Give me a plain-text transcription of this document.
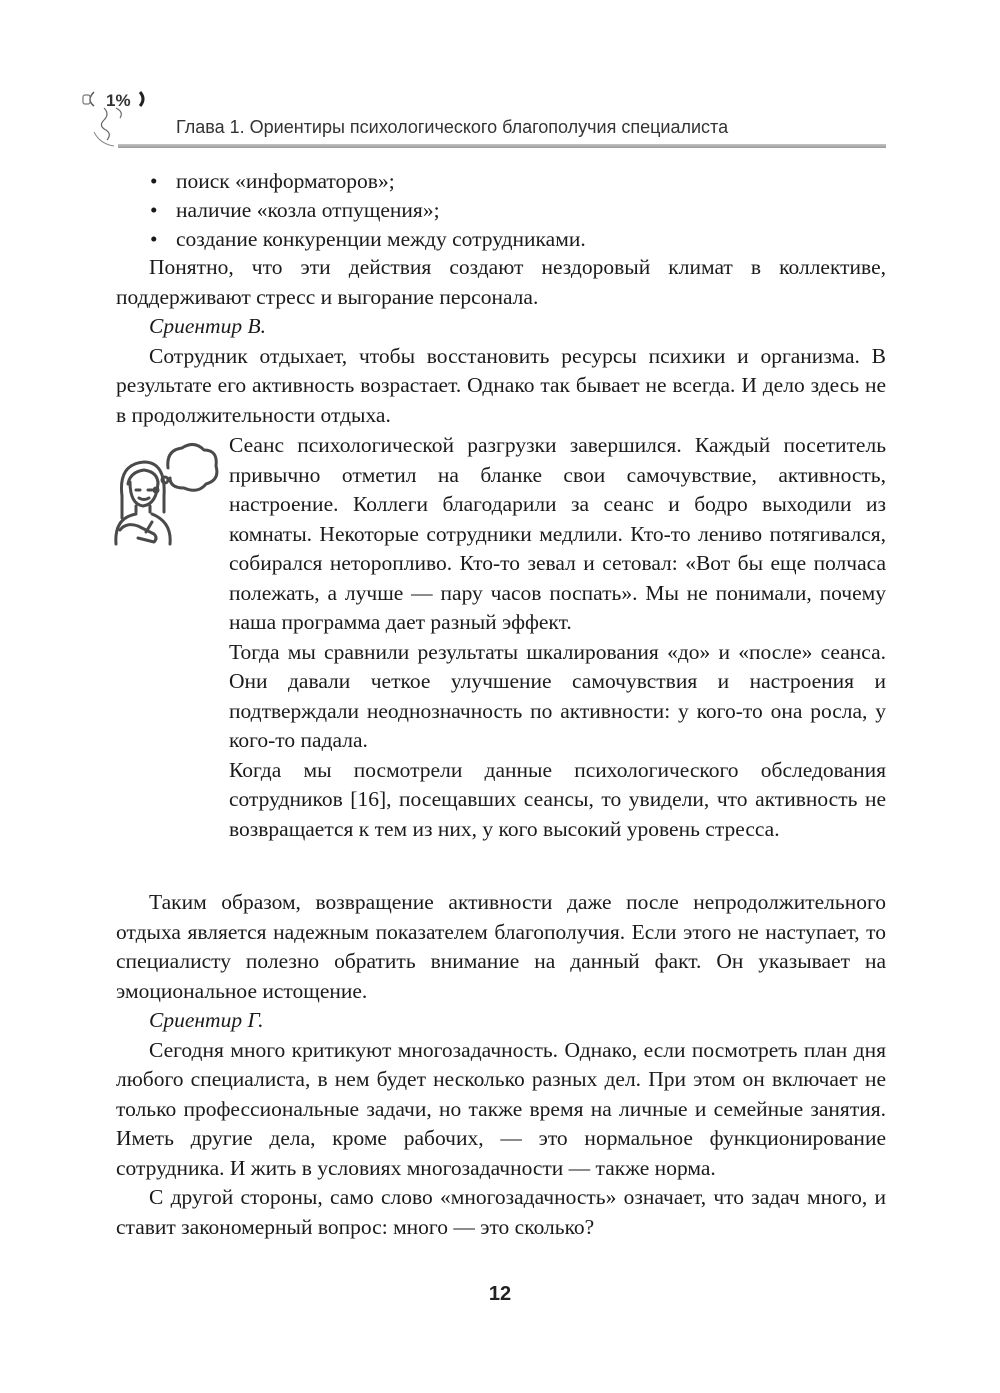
1%
Глава 1. Ориентиры психологического благополучия специалиста
• поиск «информаторов»;
• наличие «козла отпущения»;
• создание конкуренции между сотрудниками.

Понятно, что эти действия создают нездоровый климат в коллективе, поддерживают стресс и выгорание персонала.

Сриентир В.

Сотрудник отдыхает, чтобы восстановить ресурсы психики и организма. В результате его активность возрастает. Однако так бывает не всегда. И дело здесь не в продолжительности отдыха.

Сеанс психологической разгрузки завершился. Каждый посетитель привычно отметил на бланке свои самочувствие, активность, настроение. Коллеги благодарили за сеанс и бодро выходили из комнаты. Некоторые сотрудники медлили. Кто-то лениво потягивался, собирался неторопливо. Кто-то зевал и сетовал: «Вот бы еще полчаса полежать, а лучше — пару часов поспать». Мы не понимали, почему наша программа дает разный эффект.

Тогда мы сравнили результаты шкалирования «до» и «после» сеанса. Они давали четкое улучшение самочувствия и настроения и подтверждали неоднозначность по активности: у кого-то она росла, у кого-то падала.

Когда мы посмотрели данные психологического обследования сотрудников [16], посещавших сеансы, то увидели, что активность не возвращается к тем из них, у кого высокий уровень стресса.

Таким образом, возвращение активности даже после непродолжительного отдыха является надежным показателем благополучия. Если этого не наступает, то специалисту полезно обратить внимание на данный факт. Он указывает на эмоциональное истощение.

Сриентир Г.

Сегодня много критикуют многозадачность. Однако, если посмотреть план дня любого специалиста, в нем будет несколько разных дел. При этом он включает не только профессиональные задачи, но также время на личные и семейные занятия. Иметь другие дела, кроме рабочих, — это нормальное функционирование сотрудника. И жить в условиях многозадачности — также норма.

С другой стороны, само слово «многозадачность» означает, что задач много, и ставит закономерный вопрос: много — это сколько?

12
